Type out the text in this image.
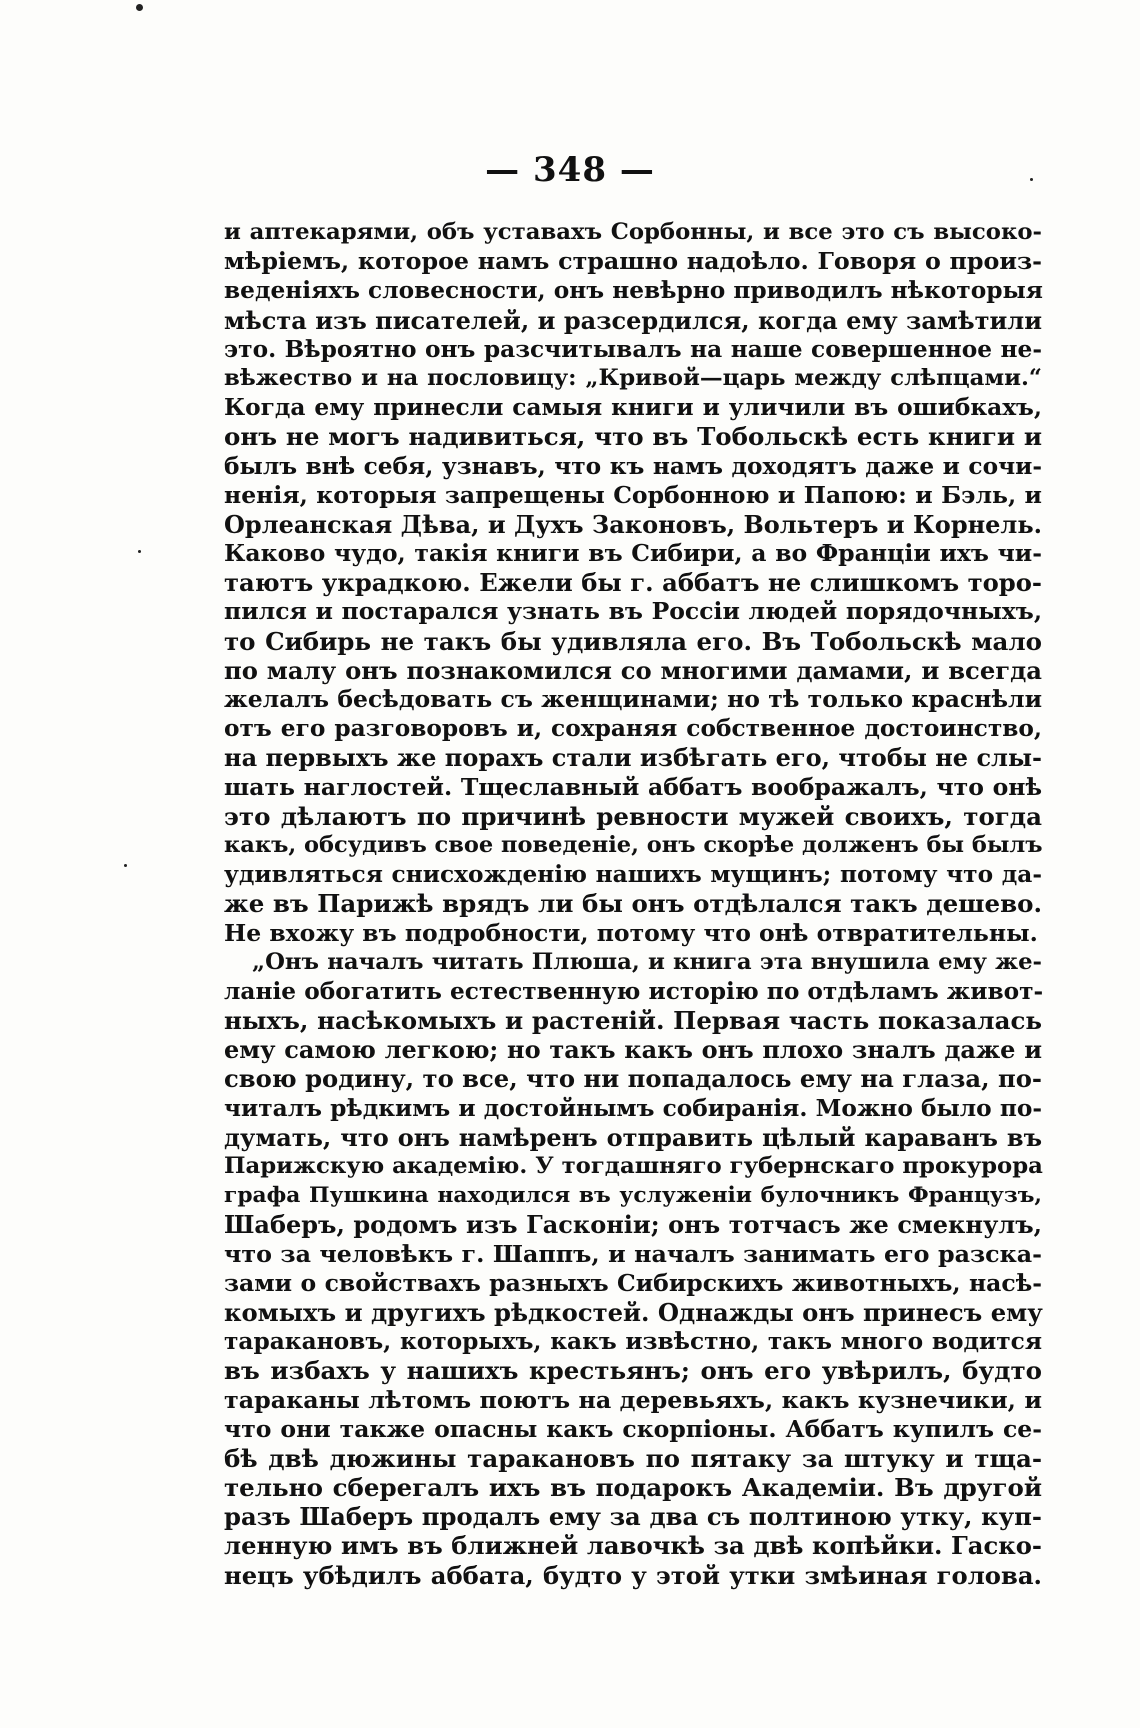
— 348 —
и аптекарями, объ уставахъ Сорбонны, и все это съ высоко-
мѣріемъ, которое намъ страшно надоѣло. Говоря о произ-
веденіяхъ словесности, онъ невѣрно приводилъ нѣкоторыя
мѣста изъ писателей, и разсердился, когда ему замѣтили
это. Вѣроятно онъ разсчитывалъ на наше совершенное не-
вѣжество и на пословицу: „Кривой—царь между слѣпцами.“
Когда ему принесли самыя книги и уличили въ ошибкахъ,
онъ не могъ надивиться, что въ Тобольскѣ есть книги и
былъ внѣ себя, узнавъ, что къ намъ доходятъ даже и сочи-
ненія, которыя запрещены Сорбонною и Папою: и Бэль, и
Орлеанская Дѣва, и Духъ Законовъ, Вольтеръ и Корнель.
Каково чудо, такія книги въ Сибири, а во Франціи ихъ чи-
таютъ украдкою. Ежели бы г. аббатъ не слишкомъ торо-
пился и постарался узнать въ Россіи людей порядочныхъ,
то Сибирь не такъ бы удивляла его. Въ Тобольскѣ мало
по малу онъ познакомился со многими дамами, и всегда
желалъ бесѣдовать съ женщинами; но тѣ только краснѣли
отъ его разговоровъ и, сохраняя собственное достоинство,
на первыхъ же порахъ стали избѣгать его, чтобы не слы-
шать наглостей. Тщеславный аббатъ воображалъ, что онѣ
это дѣлаютъ по причинѣ ревности мужей своихъ, тогда
какъ, обсудивъ свое поведеніе, онъ скорѣе долженъ бы былъ
удивляться снисхожденію нашихъ мущинъ; потому что да-
же въ Парижѣ врядъ ли бы онъ отдѣлался такъ дешево.
Не вхожу въ подробности, потому что онѣ отвратительны.
„Онъ началъ читать Плюша, и книга эта внушила ему же-
ланіе обогатить естественную исторію по отдѣламъ живот-
ныхъ, насѣкомыхъ и растеній. Первая часть показалась
ему самою легкою; но такъ какъ онъ плохо зналъ даже и
свою родину, то все, что ни попадалось ему на глаза, по-
читалъ рѣдкимъ и достойнымъ собиранія. Можно было по-
думать, что онъ намѣренъ отправить цѣлый караванъ въ
Парижскую академію. У тогдашняго губернскаго прокурора
графа Пушкина находился въ услуженіи булочникъ Французъ,
Шаберъ, родомъ изъ Гасконіи; онъ тотчасъ же смекнулъ,
что за человѣкъ г. Шаппъ, и началъ занимать его разска-
зами о свойствахъ разныхъ Сибирскихъ животныхъ, насѣ-
комыхъ и другихъ рѣдкостей. Однажды онъ принесъ ему
таракановъ, которыхъ, какъ извѣстно, такъ много водится
въ избахъ у нашихъ крестьянъ; онъ его увѣрилъ, будто
тараканы лѣтомъ поютъ на деревьяхъ, какъ кузнечики, и
что они также опасны какъ скорпіоны. Аббатъ купилъ се-
бѣ двѣ дюжины таракановъ по пятаку за штуку и тща-
тельно сберегалъ ихъ въ подарокъ Академіи. Въ другой
разъ Шаберъ продалъ ему за два съ полтиною утку, куп-
ленную имъ въ ближней лавочкѣ за двѣ копѣйки. Гаско-
нецъ убѣдилъ аббата, будто у этой утки змѣиная голова.
